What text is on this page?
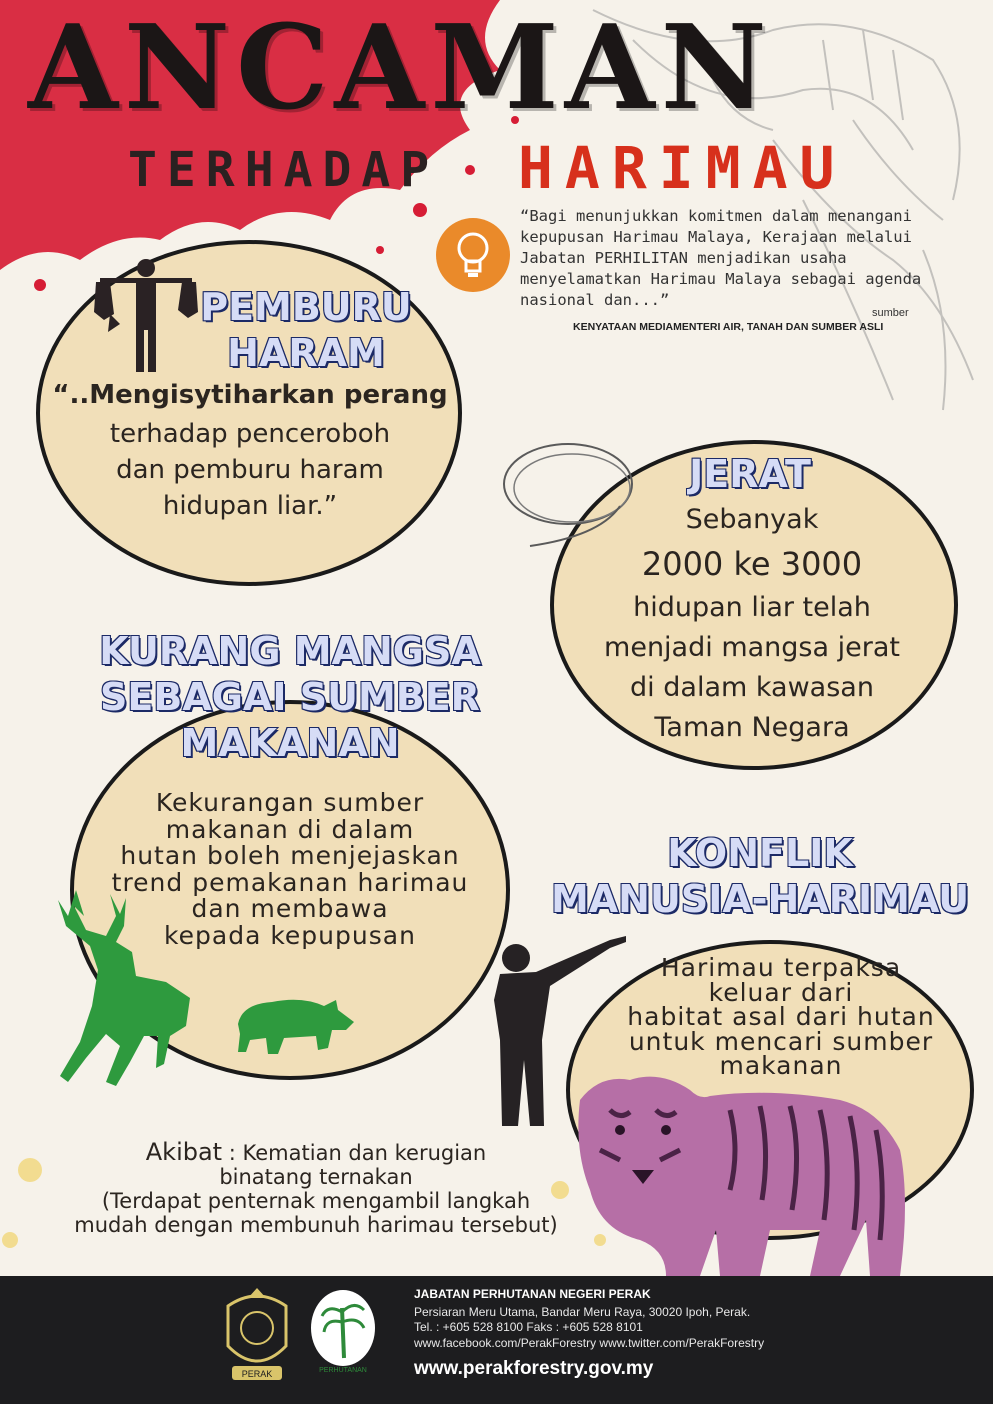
ANCAMAN
TERHADAP HARIMAU
“Bagi menunjukkan komitmen dalam menangani kepupusan Harimau Malaya, Kerajaan melalui Jabatan PERHILITAN menjadikan usaha menyelamatkan Harimau Malaya sebagai agenda nasional dan...”
sumber
KENYATAAN MEDIAMENTERI AIR, TANAH DAN SUMBER ASLI
PEMBURU
HARAM
JERAT
KURANG MANGSA
SEBAGAI SUMBER
MAKANAN
KONFLIK
MANUSIA-HARIMAU
“..Mengisytiharkan perang
terhadap penceroboh
dan pemburu haram
hidupan liar.”	Sebanyak
2000 ke 3000
hidupan liar telah
menjadi mangsa jerat
di dalam kawasan
Taman Negara
Kekurangan sumber
makanan di dalam
hutan boleh menjejaskan
trend pemakanan harimau
dan membawa
kepada kepupusan
Harimau terpaksa
keluar dari
habitat asal dari hutan
untuk mencari sumber
makanan
Akibat : Kematian dan kerugian
binatang ternakan
(Terdapat penternak mengambil langkah
mudah dengan membunuh harimau tersebut)
PERAK	PERHUTANAN
JABATAN PERHUTANAN NEGERI PERAK
Persiaran Meru Utama, Bandar Meru Raya, 30020 Ipoh, Perak.
Tel. : +605 528 8100 Faks : +605 528 8101
www.facebook.com/PerakForestry www.twitter.com/PerakForestry
www.perakforestry.gov.my
